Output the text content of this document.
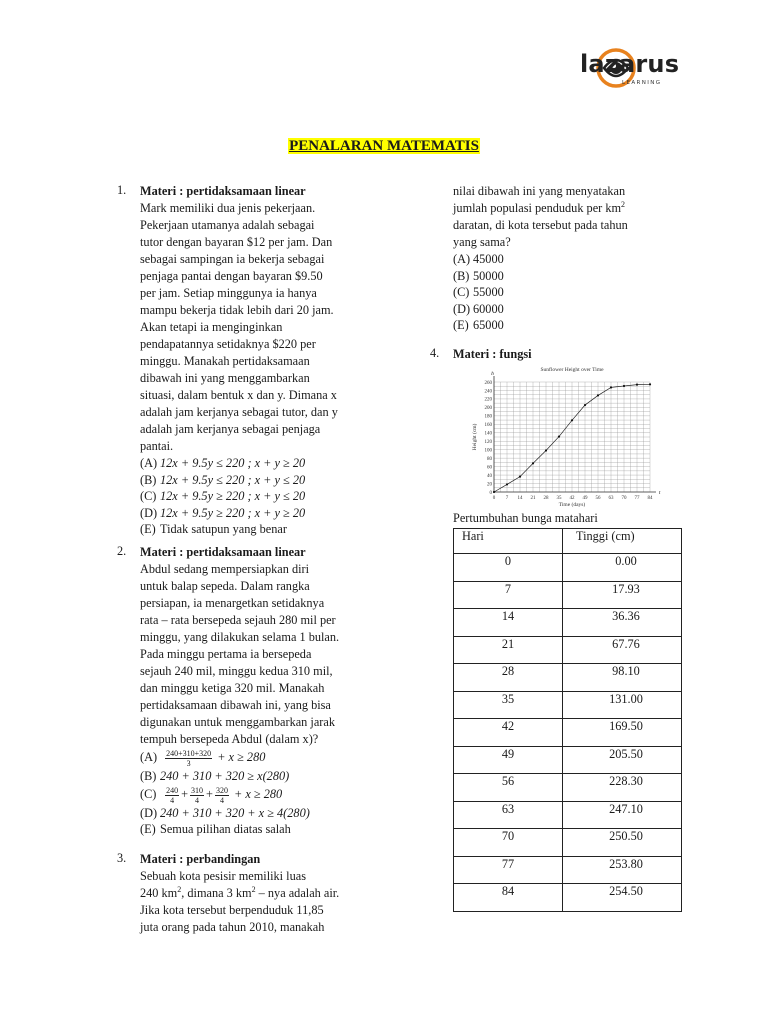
lazarus
LEARNING
PENALARAN MATEMATIS
1. Materi : pertidaksamaan linear
Mark memiliki dua jenis pekerjaan.
Pekerjaan utamanya adalah sebagai
tutor dengan bayaran $12 per jam. Dan
sebagai sampingan ia bekerja sebagai
penjaga pantai dengan bayaran $9.50
per jam. Setiap minggunya ia hanya
mampu bekerja tidak lebih dari 20 jam.
Akan tetapi ia menginginkan
pendapatannya setidaknya $220 per
minggu. Manakah pertidaksamaan
dibawah ini yang menggambarkan
situasi, dalam bentuk x dan y. Dimana x
adalah jam kerjanya sebagai tutor, dan y
adalah jam kerjanya sebagai penjaga
pantai.
(A) 12x + 9.5y ≤ 220 ; x + y ≥ 20
(B) 12x + 9.5y ≤ 220 ; x + y ≤ 20
(C) 12x + 9.5y ≥ 220 ; x + y ≤ 20
(D) 12x + 9.5y ≥ 220 ; x + y ≥ 20
(E) Tidak satupun yang benar
2. Materi : pertidaksamaan linear
Abdul sedang mempersiapkan diri
untuk balap sepeda. Dalam rangka
persiapan, ia menargetkan setidaknya
rata – rata bersepeda sejauh 280 mil per
minggu, yang dilakukan selama 1 bulan.
Pada minggu pertama ia bersepeda
sejauh 240 mil, minggu kedua 310 mil,
dan minggu ketiga 320 mil. Manakah
pertidaksamaan dibawah ini, yang bisa
digunakan untuk menggambarkan jarak
tempuh bersepeda Abdul (dalam x)?
$(A) \frac{240+310+320}{3} + x \ge 280$
(B) 240 + 310 + 320 ≥ x(280)
$(C) \frac{240}{4} + \frac{310}{4} + \frac{320}{4} + x \ge 280$
(D) 240 + 310 + 320 + x ≥ 4(280)
(E) Semua pilihan diatas salah
3. Materi : perbandingan
Sebuah kota pesisir memiliki luas
240 $km^2$, dimana 3 $km^2$ – nya adalah air.
Jika kota tersebut berpenduduk 11,85
juta orang pada tahun 2010, manakah
nilai dibawah ini yang menyatakan
jumlah populasi penduduk per $km^2$
daratan, di kota tersebut pada tahun
yang sama?
(A) 45000
(B) 50000
(C) 55000
(D) 60000
(E) 65000
4. Materi : fungsi
Sunflower Height over Time
t
h
0
20
40
60
80
100
120
140
160
180
200
220
240
260
0 7 14 21 28 35 42 49 56 63 70 77 84
Time (days)
Height (cm)
Pertumbuhan bunga matahari
Hari	Tinggi (cm)
0	0.00
7	17.93
14	36.36
21	67.76
28	98.10
35	131.00
42	169.50
49	205.50
56	228.30
63	247.10
70	250.50
77	253.80
84	254.50
